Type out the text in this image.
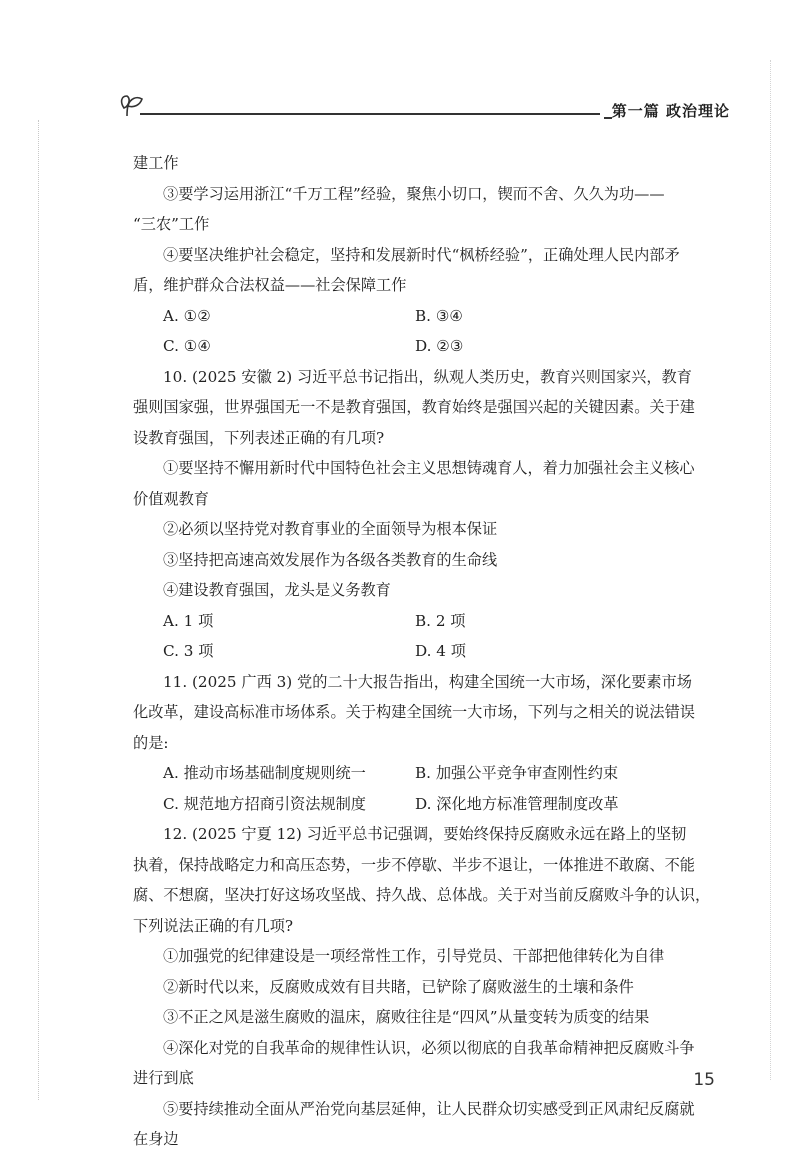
第一篇 政治理论
建工作
③要学习运用浙江“千万工程”经验，聚焦小切口，锲而不舍、久久为功——
“三农”工作
④要坚决维护社会稳定，坚持和发展新时代“枫桥经验”，正确处理人民内部矛
盾，维护群众合法权益——社会保障工作
A. ①②	B. ③④
C. ①④	D. ②③
10. (2025 安徽 2) 习近平总书记指出，纵观人类历史，教育兴则国家兴，教育
强则国家强，世界强国无一不是教育强国，教育始终是强国兴起的关键因素。关于建
设教育强国，下列表述正确的有几项?
①要坚持不懈用新时代中国特色社会主义思想铸魂育人，着力加强社会主义核心
价值观教育
②必须以坚持党对教育事业的全面领导为根本保证
③坚持把高速高效发展作为各级各类教育的生命线
④建设教育强国，龙头是义务教育
A. 1 项	B. 2 项
C. 3 项	D. 4 项
11. (2025 广西 3) 党的二十大报告指出，构建全国统一大市场，深化要素市场
化改革，建设高标准市场体系。关于构建全国统一大市场，下列与之相关的说法错误
的是:
A. 推动市场基础制度规则统一	B. 加强公平竞争审查刚性约束
C. 规范地方招商引资法规制度	D. 深化地方标准管理制度改革
12. (2025 宁夏 12) 习近平总书记强调，要始终保持反腐败永远在路上的坚韧
执着，保持战略定力和高压态势，一步不停歇、半步不退让，一体推进不敢腐、不能
腐、不想腐，坚决打好这场攻坚战、持久战、总体战。关于对当前反腐败斗争的认识，
下列说法正确的有几项?
①加强党的纪律建设是一项经常性工作，引导党员、干部把他律转化为自律
②新时代以来，反腐败成效有目共睹，已铲除了腐败滋生的土壤和条件
③不正之风是滋生腐败的温床，腐败往往是“四风”从量变转为质变的结果
④深化对党的自我革命的规律性认识，必须以彻底的自我革命精神把反腐败斗争
进行到底
⑤要持续推动全面从严治党向基层延伸，让人民群众切实感受到正风肃纪反腐就
在身边
15
